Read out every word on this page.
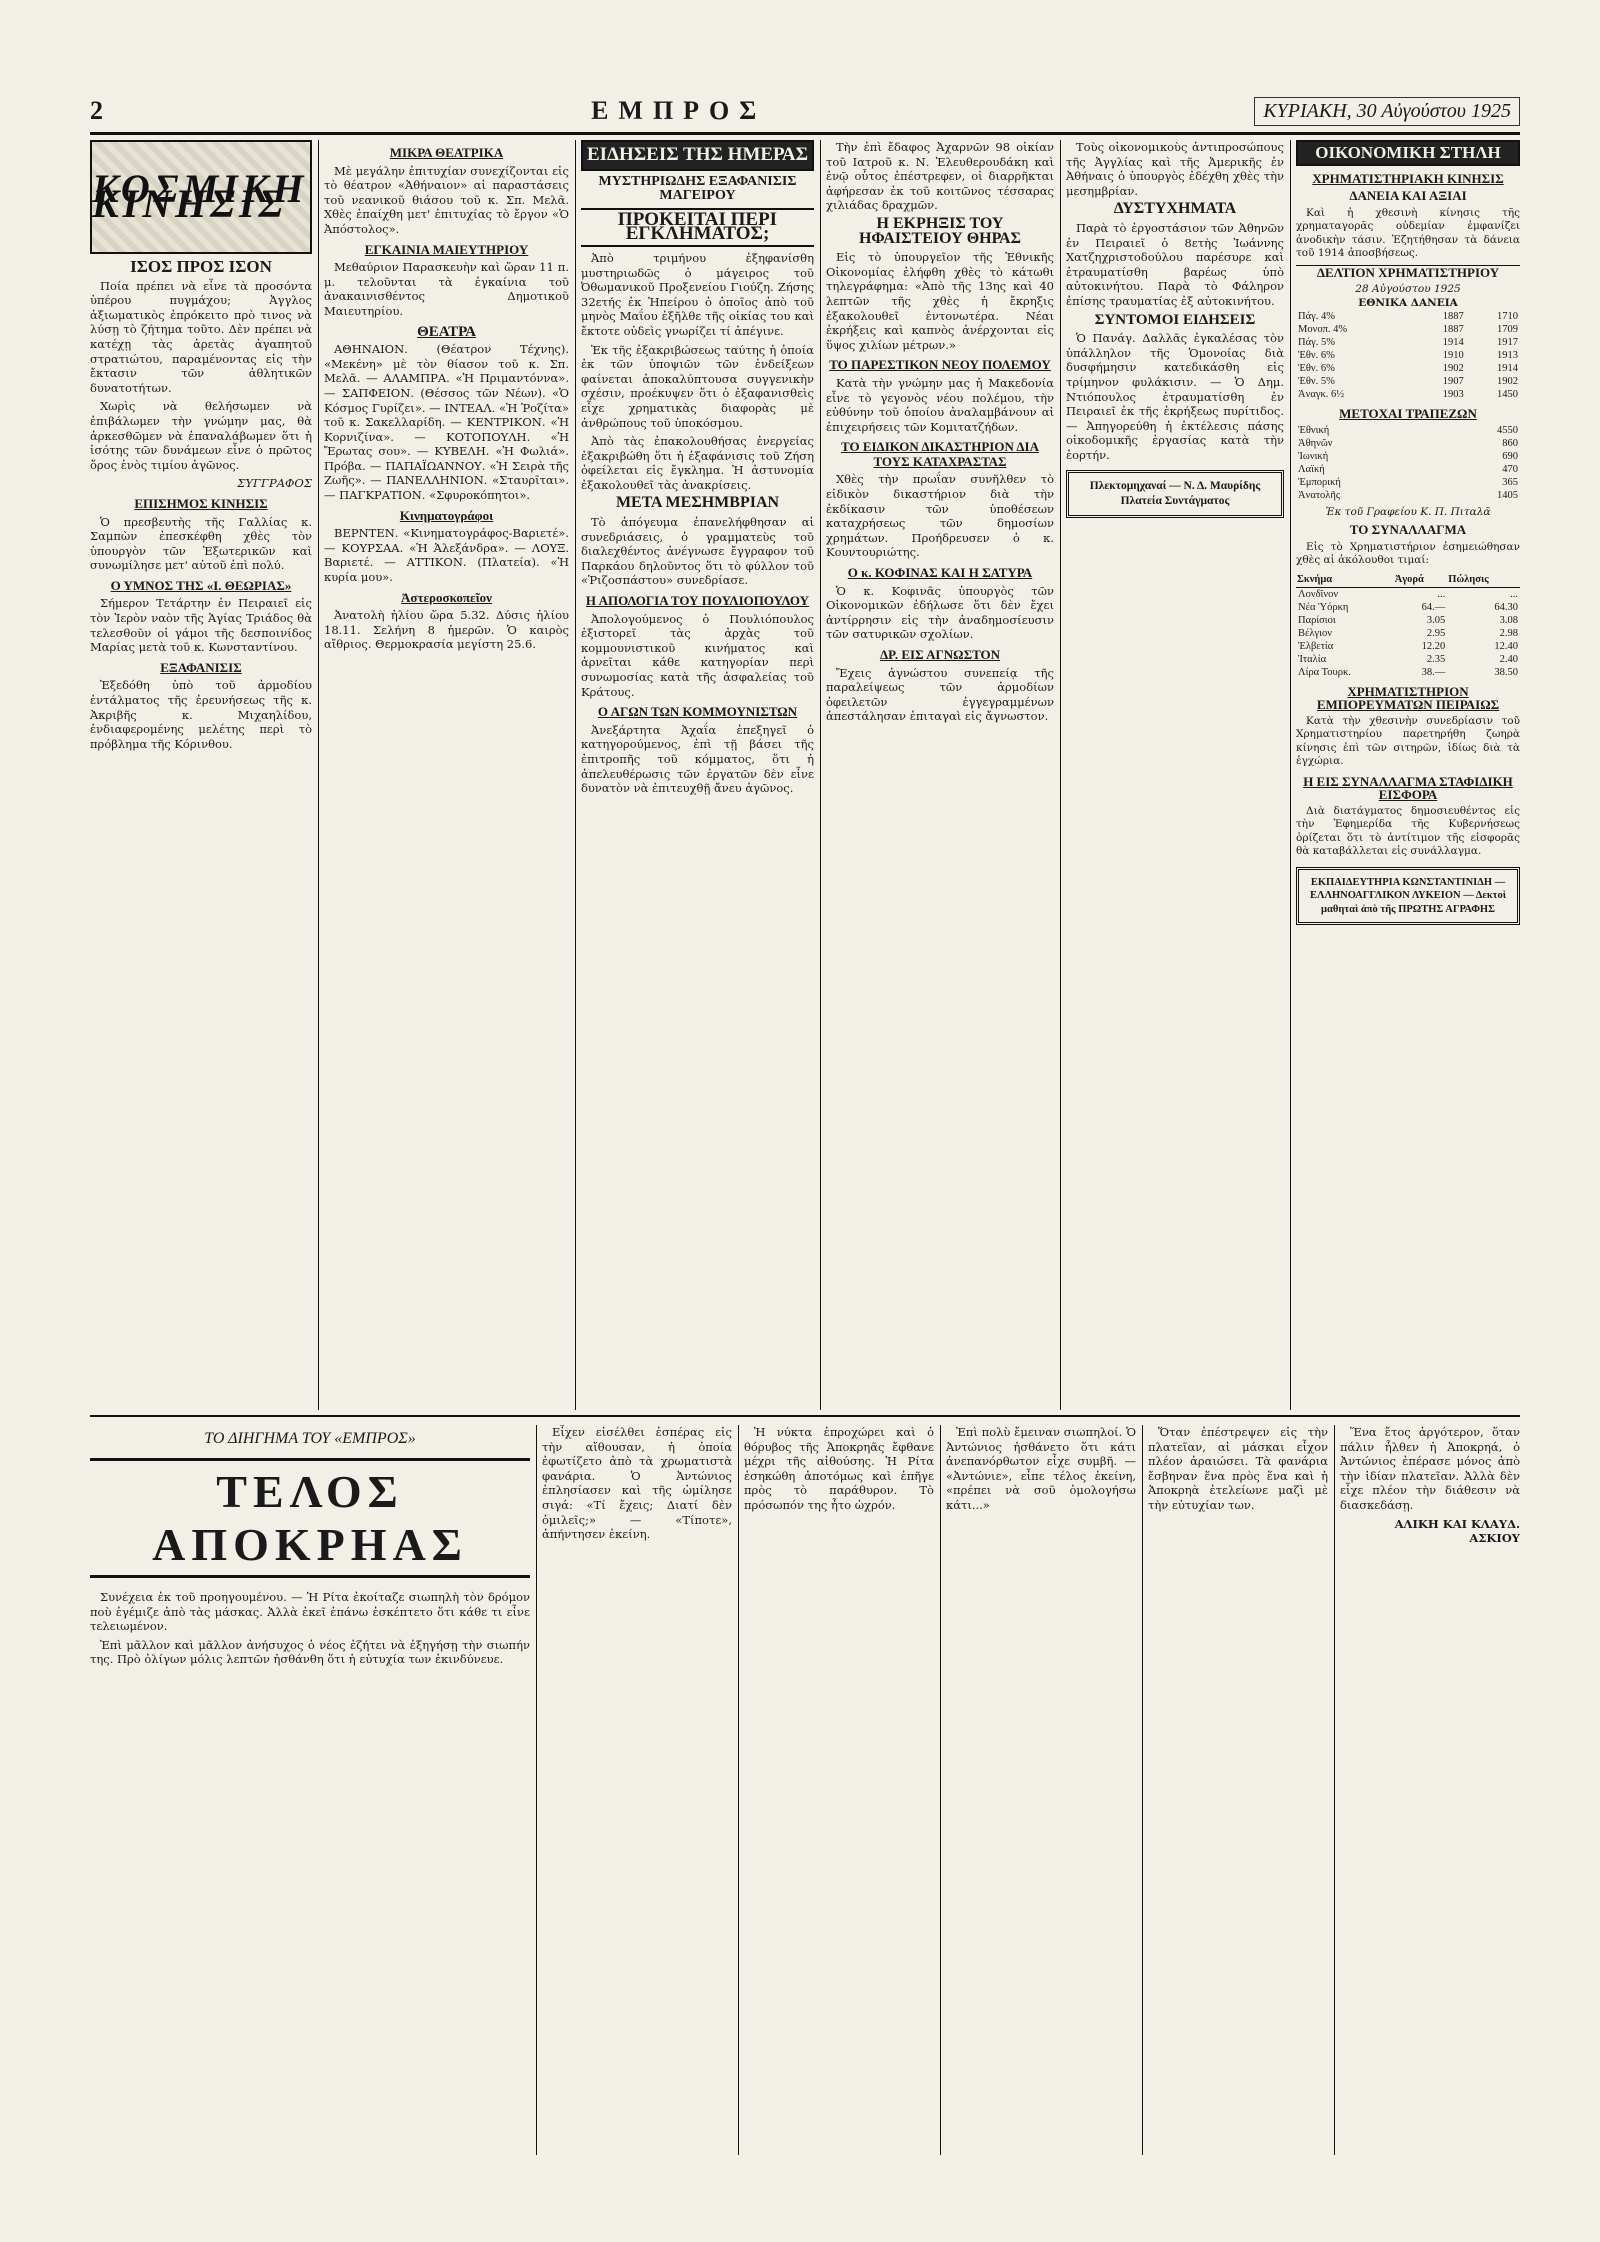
2	ΕΜΠΡΟΣ	ΚΥΡΙΑΚΗ, 30 Αὐγούστου 1925
ΚΟΣΜΙΚΗ ΚΙΝΗΣΙΣ
ΙΣΟΣ ΠΡΟΣ ΙΣΟΝ

Ποία πρέπει νὰ εἶνε τὰ προσόντα ὑπέρου πυγμάχου; Ἀγγλος ἀξιωματικὸς ἐπρόκειτο πρὸ τινος νὰ λύσῃ τὸ ζήτημα τοῦτο. Δὲν πρέπει νὰ κατέχῃ τὰς ἀρετὰς ἀγαπητοῦ στρατιώτου, παραμένοντας εἰς τὴν ἔκτασιν τῶν ἀθλητικῶν δυνατοτήτων.

Χωρὶς νὰ θελήσωμεν νὰ ἐπιβάλωμεν τὴν γνώμην μας, θὰ ἀρκεσθῶμεν νὰ ἐπαναλάβωμεν ὅτι ἡ ἰσότης τῶν δυνάμεων εἶνε ὁ πρῶτος ὅρος ἑνὸς τιμίου ἀγῶνος.

ΣΥΓΓΡΑΦΟΣ
ΕΠΙΣΗΜΟΣ ΚΙΝΗΣΙΣ

Ὁ πρεσβευτὴς τῆς Γαλλίας κ. Σαμπὼν ἐπεσκέφθη χθὲς τὸν ὑπουργὸν τῶν Ἐξωτερικῶν καὶ συνωμίλησε μετ' αὐτοῦ ἐπὶ πολύ.

Ο ΥΜΝΟΣ ΤΗΣ «Ι. ΘΕΩΡΙΑΣ»

Σήμερον Τετάρτην ἐν Πειραιεῖ εἰς τὸν Ἱερὸν ναὸν τῆς Ἁγίας Τριάδος θὰ τελεσθοῦν οἱ γάμοι τῆς δεσποινίδος Μαρίας μετὰ τοῦ κ. Κωνσταντίνου.

ΕΞΑΦΑΝΙΣΙΣ

Ἐξεδόθη ὑπὸ τοῦ ἀρμοδίου ἐντάλματος τῆς ἐρευνήσεως τῆς κ. Ἀκριβῆς κ. Μιχαηλίδου, ἐνδιαφερομένης μελέτης περὶ τὸ πρόβλημα τῆς Κόρινθου.

ΜΙΚΡΑ ΘΕΑΤΡΙΚΑ

Μὲ μεγάλην ἐπιτυχίαν συνεχίζονται εἰς τὸ θέατρον «Ἀθήναιον» αἱ παραστάσεις τοῦ νεανικοῦ θιάσου τοῦ κ. Σπ. Μελᾶ. Χθὲς ἐπαίχθη μετ' ἐπιτυχίας τὸ ἔργον «Ὁ Ἀπόστολος».

ΕΓΚΑΙΝΙΑ ΜΑΙΕΥΤΗΡΙΟΥ

Μεθαύριον Παρασκευὴν καὶ ὥραν 11 π. μ. τελοῦνται τὰ ἐγκαίνια τοῦ ἀνακαινισθέντος Δημοτικοῦ Μαιευτηρίου.

ΘΕΑΤΡΑ

ΑΘΗΝΑΙΟΝ. (Θέατρον Τέχνης). «Μεκένη» μὲ τὸν θίασον τοῦ κ. Σπ. Μελᾶ. — ΑΛΑΜΠΡΑ. «Ἡ Πριμαντόννα». — ΣΑΠΦΕΙΟΝ. (Θέσσος τῶν Νέων). «Ὁ Κόσμος Γυρίζει». — ΙΝΤΕΑΛ. «Ἡ Ῥοζίτα» τοῦ κ. Σακελλαρίδη. — ΚΕΝΤΡΙΚΟΝ. «Ἡ Κορνιζίνα». — ΚΟΤΟΠΟΥΛΗ. «Ἡ Ἔρωτας σου». — ΚΥΒΕΛΗ. «Ἡ Φωλιά». Πρόβα. — ΠΑΠΑΪΩΑΝΝΟΥ. «Ἡ Σειρὰ τῆς Ζωῆς». — ΠΑΝΕΛΛΗΝΙΟΝ. «Σταυρῖται». — ΠΑΓΚΡΑΤΙΟΝ. «Σφυροκόπητοι».

Κινηματογράφοι

ΒΕΡΝΤΕΝ. «Κινηματογράφος-Βαριετέ». — ΚΟΥΡΣΑΑ. «Ἡ Ἀλεξάνδρα». — ΛΟΥΞ. Βαριετέ. — ΑΤΤΙΚΟΝ. (Πλατεία). «Ἡ κυρία μου».

Ἀστεροσκοπεῖον

Ἀνατολὴ ἡλίου ὥρα 5.32. Δύσις ἡλίου 18.11. Σελήνη 8 ἡμερῶν. Ὁ καιρὸς αἴθριος. Θερμοκρασία μεγίστη 25.6.

ΕΙΔΗΣΕΙΣ ΤΗΣ ΗΜΕΡΑΣ
ΜΥΣΤΗΡΙΩΔΗΣ ΕΞΑΦΑΝΙΣΙΣ ΜΑΓΕΙΡΟΥ
ΠΡΟΚΕΙΤΑΙ ΠΕΡΙ ΕΓΚΛΗΜΑΤΟΣ;

Ἀπὸ τριμήνου ἐξηφανίσθη μυστηριωδῶς ὁ μάγειρος τοῦ Ὀθωμανικοῦ Προξενείου Γιούζη. Ζήσης 32ετής ἐκ Ἠπείρου ὁ ὁποῖος ἀπὸ τοῦ μηνὸς Μαΐου ἐξῆλθε τῆς οἰκίας του καὶ ἔκτοτε οὐδεὶς γνωρίζει τί ἀπέγινε.

Ἐκ τῆς ἐξακριβώσεως ταύτης ἡ ὁποία ἐκ τῶν ὑποψιῶν τῶν ἐνδείξεων φαίνεται ἀποκαλύπτουσα συγγενικὴν σχέσιν, προέκυψεν ὅτι ὁ ἐξαφανισθεὶς εἶχε χρηματικὰς διαφορὰς μὲ ἀνθρώπους τοῦ ὑποκόσμου.

Ἀπὸ τὰς ἐπακολουθήσας ἐνεργείας ἐξακριβώθη ὅτι ἡ ἐξαφάνισις τοῦ Ζήση ὀφείλεται εἰς ἔγκλημα. Ἡ ἀστυνομία ἐξακολουθεῖ τὰς ἀνακρίσεις.

ΜΕΤΑ ΜΕΣΗΜΒΡΙΑΝ

Τὸ ἀπόγευμα ἐπανελήφθησαν αἱ συνεδριάσεις, ὁ γραμματεὺς τοῦ διαλεχθέντος ἀνέγνωσε ἔγγραφον τοῦ Παρκάου δηλοῦντος ὅτι τὸ φύλλον τοῦ «Ῥιζοσπάστου» συνεδρίασε.

Η ΑΠΟΛΟΓΙΑ ΤΟΥ ΠΟΥΛΙΟΠΟΥΛΟΥ

Ἀπολογούμενος ὁ Πουλιόπουλος ἐξιστορεῖ τὰς ἀρχὰς τοῦ κομμουνιστικοῦ κινήματος καὶ ἀρνεῖται κάθε κατηγορίαν περὶ συνωμοσίας κατὰ τῆς ἀσφαλείας τοῦ Κράτους.

Ο ΑΓΩΝ ΤΩΝ ΚΟΜΜΟΥΝΙΣΤΩΝ

Ἀνεξάρτητα Ἀχαΐα ἐπεξηγεῖ ὁ κατηγορούμενος, ἐπὶ τῇ βάσει τῆς ἐπιτροπῆς τοῦ κόμματος, ὅτι ἡ ἀπελευθέρωσις τῶν ἐργατῶν δὲν εἶνε δυνατὸν νὰ ἐπιτευχθῇ ἄνευ ἀγῶνος.

Τὴν ἐπὶ ἔδαφος Ἀχαρνῶν 98 οἰκίαν τοῦ Ιατροῦ κ. Ν. Ἐλευθερουδάκη καὶ ἐνῷ οὗτος ἐπέστρεφεν, οἱ διαρρῆκται ἀφήρεσαν ἐκ τοῦ κοιτῶνος τέσσαρας χιλιάδας δραχμῶν.

Η ΕΚΡΗΞΙΣ ΤΟΥ ΗΦΑΙΣΤΕΙΟΥ ΘΗΡΑΣ

Εἰς τὸ ὑπουργεῖον τῆς Ἐθνικῆς Οἰκονομίας ἐλήφθη χθὲς τὸ κάτωθι τηλεγράφημα: «Ἀπὸ τῆς 13ης καὶ 40 λεπτῶν τῆς χθὲς ἡ ἔκρηξις ἐξακολουθεῖ ἐντονωτέρα. Νέαι ἐκρήξεις καὶ καπνὸς ἀνέρχονται εἰς ὕψος χιλίων μέτρων.»

ΤΟ ΠΑΡΕΣΤΙΚΟΝ ΝΕΟΥ ΠΟΛΕΜΟΥ

Κατὰ τὴν γνώμην μας ἡ Μακεδονία εἶνε τὸ γεγονὸς νέου πολέμου, τὴν εὐθύνην τοῦ ὁποίου ἀναλαμβάνουν αἱ ἐπιχειρήσεις τῶν Κομιτατζήδων.

ΤΟ ΕΙΔΙΚΟΝ ΔΙΚΑΣΤΗΡΙΟΝ ΔΙΑ ΤΟΥΣ ΚΑΤΑΧΡΑΣΤΑΣ

Χθὲς τὴν πρωΐαν συνῆλθεν τὸ εἰδικὸν δικαστήριον διὰ τὴν ἐκδίκασιν τῶν ὑποθέσεων καταχρήσεως τῶν δημοσίων χρημάτων. Προήδρευσεν ὁ κ. Κουντουριώτης.

Ο κ. ΚΟΦΙΝΑΣ ΚΑΙ Η ΣΑΤΥΡΑ

Ὁ κ. Κοφινᾶς ὑπουργὸς τῶν Οἰκονομικῶν ἐδήλωσε ὅτι δὲν ἔχει ἀντίρρησιν εἰς τὴν ἀναδημοσίευσιν τῶν σατυρικῶν σχολίων.

ΔΡ. ΕΙΣ ΑΓΝΩΣΤΟΝ

Ἔχεις ἀγνώστου συνεπείᾳ τῆς παραλείψεως τῶν ἀρμοδίων ὀφειλετῶν ἐγγεγραμμένων ἀπεστάλησαν ἐπιταγαὶ εἰς ἄγνωστον.

Τοὺς οἰκονομικοὺς ἀντιπροσώπους τῆς Ἀγγλίας καὶ τῆς Ἀμερικῆς ἐν Ἀθήναις ὁ ὑπουργὸς ἐδέχθη χθὲς τὴν μεσημβρίαν.

ΔΥΣΤΥΧΗΜΑΤΑ

Παρὰ τὸ ἐργοστάσιον τῶν Ἀθηνῶν ἐν Πειραιεῖ ὁ 8ετὴς Ἰωάννης Χατζηχριστοδούλου παρέσυρε καὶ ἐτραυματίσθη βαρέως ὑπὸ αὐτοκινήτου. Παρὰ τὸ Φάληρον ἐπίσης τραυματίας ἐξ αὐτοκινήτου.

ΣΥΝΤΟΜΟΙ ΕΙΔΗΣΕΙΣ

Ὁ Πανάγ. Δαλλᾶς ἐγκαλέσας τὸν ὑπάλληλον τῆς Ὁμονοίας διὰ δυσφήμησιν κατεδικάσθη εἰς τρίμηνον φυλάκισιν. — Ὁ Δημ. Ντιόπουλος ἐτραυματίσθη ἐν Πειραιεῖ ἐκ τῆς ἐκρήξεως πυρίτιδος. — Ἀπηγορεύθη ἡ ἐκτέλεσις πάσης οἰκοδομικῆς ἐργασίας κατὰ τὴν ἑορτήν.

Πλεκτομηχαναί — Ν. Δ. Μαυρίδης Πλατεία Συντάγματος
ΟΙΚΟΝΟΜΙΚΗ ΣΤΗΛΗ
ΧΡΗΜΑΤΙΣΤΗΡΙΑΚΗ ΚΙΝΗΣΙΣ
ΔΑΝΕΙΑ ΚΑΙ ΑΞΙΑΙ

Καὶ ἡ χθεσινὴ κίνησις τῆς χρηματαγορᾶς οὐδεμίαν ἐμφανίζει ἀνοδικὴν τάσιν. Ἐζητήθησαν τὰ δάνεια τοῦ 1914 ἀποσβήσεως.

ΔΕΛΤΙΟΝ ΧΡΗΜΑΤΙΣΤΗΡΙΟΥ
28 Αὐγούστου 1925
ΕΘΝΙΚΑ ΔΑΝΕΙΑ
Πάγ. 4%	1887	1710
Μονοπ. 4%	1887	1709
Πάγ. 5%	1914	1917
Ἐθν. 6%	1910	1913
Ἐθν. 6%	1902	1914
Ἐθν. 5%	1907	1902
Ἀναγκ. 6½	1903	1450
ΜΕΤΟΧΑΙ ΤΡΑΠΕΖΩΝ
Ἐθνική	4550
Ἀθηνῶν	860
Ἰωνική	690
Λαϊκή	470
Ἐμπορική	365
Ἀνατολῆς	1405
Ἐκ τοῦ Γραφείου Κ. Π. Πιταλᾶ
ΤΟ ΣΥΝΑΛΛΑΓΜΑ

Εἰς τὸ Χρηματιστήριον ἐσημειώθησαν χθὲς αἱ ἀκόλουθοι τιμαί:

Σκνήμα	Ἀγορά	Πώλησις
Λονδῖνον	...	...
Νέα Ὑόρκη	64.—	64.30
Παρίσιοι	3.05	3.08
Βέλγιον	2.95	2.98
Ἑλβετία	12.20	12.40
Ἰταλία	2.35	2.40
Λίρα Τουρκ.	38.—	38.50
ΧΡΗΜΑΤΙΣΤΗΡΙΟΝ ΕΜΠΟΡΕΥΜΑΤΩΝ ΠΕΙΡΑΙΩΣ

Κατὰ τὴν χθεσινὴν συνεδρίασιν τοῦ Χρηματιστηρίου παρετηρήθη ζωηρὰ κίνησις ἐπὶ τῶν σιτηρῶν, ἰδίως διὰ τὰ ἐγχώρια.

Η ΕΙΣ ΣΥΝΑΛΛΑΓΜΑ ΣΤΑΦΙΔΙΚΗ ΕΙΣΦΟΡΑ

Διὰ διατάγματος δημοσιευθέντος εἰς τὴν Ἐφημερίδα τῆς Κυβερνήσεως ὁρίζεται ὅτι τὸ ἀντίτιμον τῆς εἰσφορᾶς θὰ καταβάλλεται εἰς συνάλλαγμα.

ΕΚΠΑΙΔΕΥΤΗΡΙΑ ΚΩΝΣΤΑΝΤΙΝΙΔΗ — ΕΛΛΗΝΟΑΓΓΛΙΚΟΝ ΛΥΚΕΙΟΝ — Δεκτοὶ μαθηταὶ ἀπὸ τῆς ΠΡΩΤΗΣ ΑΓΡΑΦΗΣ
ΤΟ ΔΙΗΓΗΜΑ ΤΟΥ «ΕΜΠΡΟΣ»
ΤΕΛΟΣ ΑΠΟΚΡΗΑΣ

Συνέχεια ἐκ τοῦ προηγουμένου. — Ἡ Ρίτα ἐκοίταζε σιωπηλὴ τὸν δρόμον ποὺ ἐγέμιζε ἀπὸ τὰς μάσκας. Ἀλλὰ ἐκεῖ ἐπάνω ἐσκέπτετο ὅτι κάθε τι εἶνε τελειωμένον.

Ἐπὶ μᾶλλον καὶ μᾶλλον ἀνήσυχος ὁ νέος ἐζήτει νὰ ἐξηγήσῃ τὴν σιωπήν της. Πρὸ ὀλίγων μόλις λεπτῶν ἠσθάνθη ὅτι ἡ εὐτυχία των ἐκινδύνευε.

Εἶχεν εἰσέλθει ἐσπέρας εἰς τὴν αἴθουσαν, ἡ ὁποία ἐφωτίζετο ἀπὸ τὰ χρωματιστὰ φανάρια. Ὁ Ἀντώνιος ἐπλησίασεν καὶ τῆς ὡμίλησε σιγά: «Τί ἔχεις; Διατί δὲν ὁμιλεῖς;» — «Τίποτε», ἀπήντησεν ἐκείνη.

Ἡ νύκτα ἐπροχώρει καὶ ὁ θόρυβος τῆς Ἀποκρηᾶς ἔφθανε μέχρι τῆς αἰθούσης. Ἡ Ρίτα ἐσηκώθη ἀποτόμως καὶ ἐπῆγε πρὸς τὸ παράθυρον. Τὸ πρόσωπόν της ἦτο ὠχρόν.

Ἐπὶ πολὺ ἔμειναν σιωπηλοί. Ὁ Ἀντώνιος ἠσθάνετο ὅτι κάτι ἀνεπανόρθωτον εἶχε συμβῆ. — «Ἀντώνιε», εἶπε τέλος ἐκείνη, «πρέπει νὰ σοῦ ὁμολογήσω κάτι...»

Ὅταν ἐπέστρεψεν εἰς τὴν πλατεῖαν, αἱ μάσκαι εἶχον πλέον ἀραιώσει. Τὰ φανάρια ἔσβηναν ἕνα πρὸς ἕνα καὶ ἡ Ἀποκρηὰ ἐτελείωνε μαζὶ μὲ τὴν εὐτυχίαν των.

Ἕνα ἔτος ἀργότερον, ὅταν πάλιν ἦλθεν ἡ Ἀποκρηά, ὁ Ἀντώνιος ἐπέρασε μόνος ἀπὸ τὴν ἰδίαν πλατεῖαν. Ἀλλὰ δὲν εἶχε πλέον τὴν διάθεσιν νὰ διασκεδάσῃ.

ΑΛΙΚΗ ΚΑΙ ΚΛΑΥΔ. ΑΣΚΙΟΥ
